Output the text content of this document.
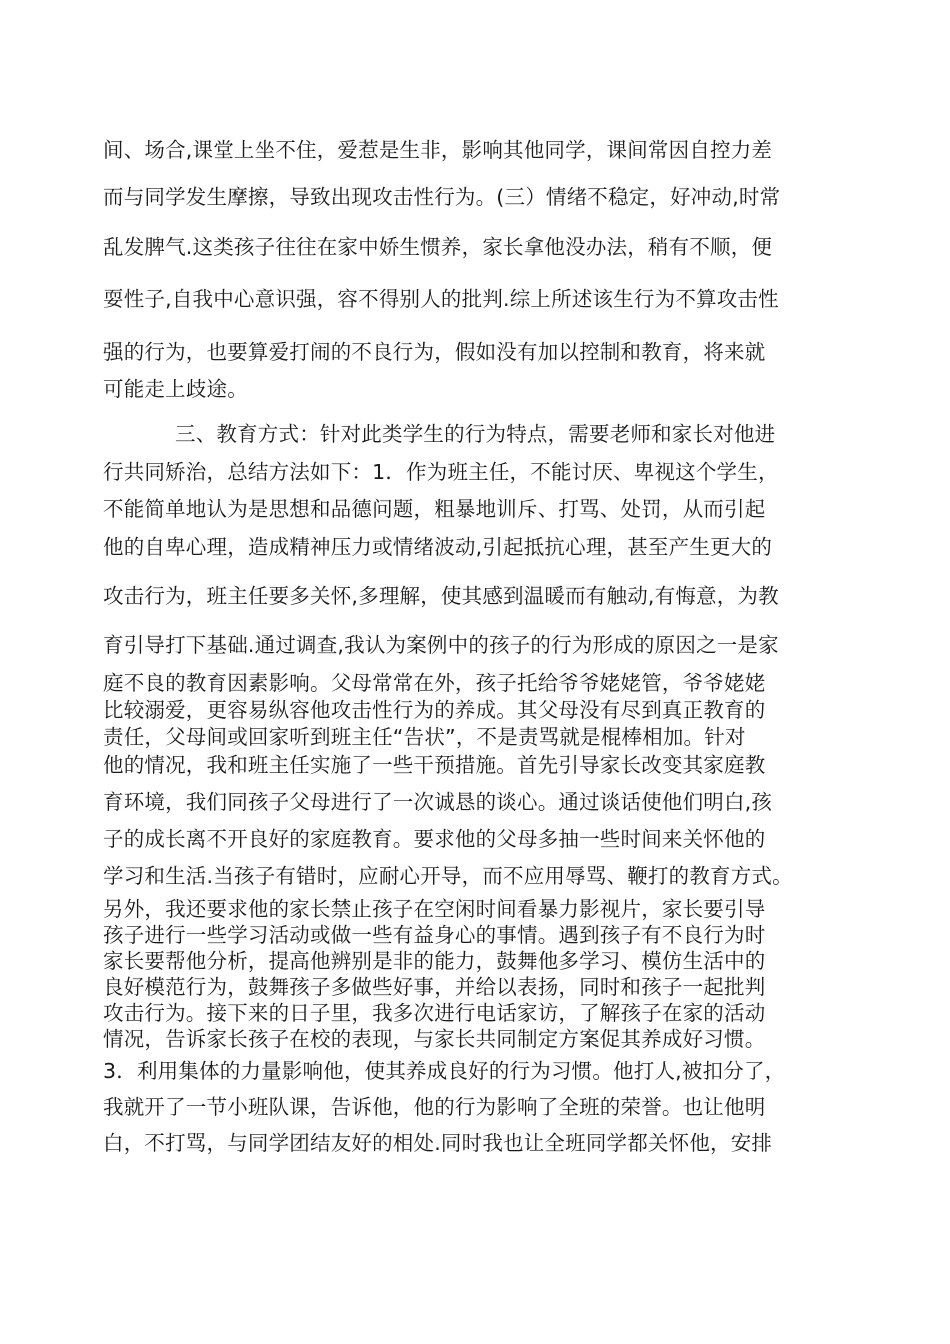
间、场合,课堂上坐不住，爱惹是生非，影响其他同学，课间常因自控力差
而与同学发生摩擦，导致出现攻击性行为。(三）情绪不稳定，好冲动,时常
乱发脾气.这类孩子往往在家中娇生惯养，家长拿他没办法，稍有不顺，便
耍性子,自我中心意识强，容不得别人的批判.综上所述该生行为不算攻击性
强的行为，也要算爱打闹的不良行为，假如没有加以控制和教育，将来就
可能走上歧途。
三、教育方式：针对此类学生的行为特点，需要老师和家长对他进
行共同矫治，总结方法如下：1．作为班主任，不能讨厌、卑视这个学生，
不能简单地认为是思想和品德问题，粗暴地训斥、打骂、处罚，从而引起
他的自卑心理，造成精神压力或情绪波动,引起抵抗心理，甚至产生更大的
攻击行为，班主任要多关怀,多理解，使其感到温暖而有触动,有悔意，为教
育引导打下基础.通过调查,我认为案例中的孩子的行为形成的原因之一是家
庭不良的教育因素影响。父母常常在外，孩子托给爷爷姥姥管，爷爷姥姥
比较溺爱，更容易纵容他攻击性行为的养成。其父母没有尽到真正教育的
责任，父母间或回家听到班主任“告状”，不是责骂就是棍棒相加。针对
他的情况，我和班主任实施了一些干预措施。首先引导家长改变其家庭教
育环境，我们同孩子父母进行了一次诚恳的谈心。通过谈话使他们明白,孩
子的成长离不开良好的家庭教育。要求他的父母多抽一些时间来关怀他的
学习和生活.当孩子有错时，应耐心开导，而不应用辱骂、鞭打的教育方式。
另外，我还要求他的家长禁止孩子在空闲时间看暴力影视片，家长要引导
孩子进行一些学习活动或做一些有益身心的事情。遇到孩子有不良行为时
家长要帮他分析，提高他辨别是非的能力，鼓舞他多学习、模仿生活中的
良好模范行为，鼓舞孩子多做些好事，并给以表扬，同时和孩子一起批判
攻击行为。接下来的日子里，我多次进行电话家访，了解孩子在家的活动
情况，告诉家长孩子在校的表现，与家长共同制定方案促其养成好习惯。
3．利用集体的力量影响他，使其养成良好的行为习惯。他打人,被扣分了，
我就开了一节小班队课，告诉他，他的行为影响了全班的荣誉。也让他明
白，不打骂，与同学团结友好的相处.同时我也让全班同学都关怀他，安排
